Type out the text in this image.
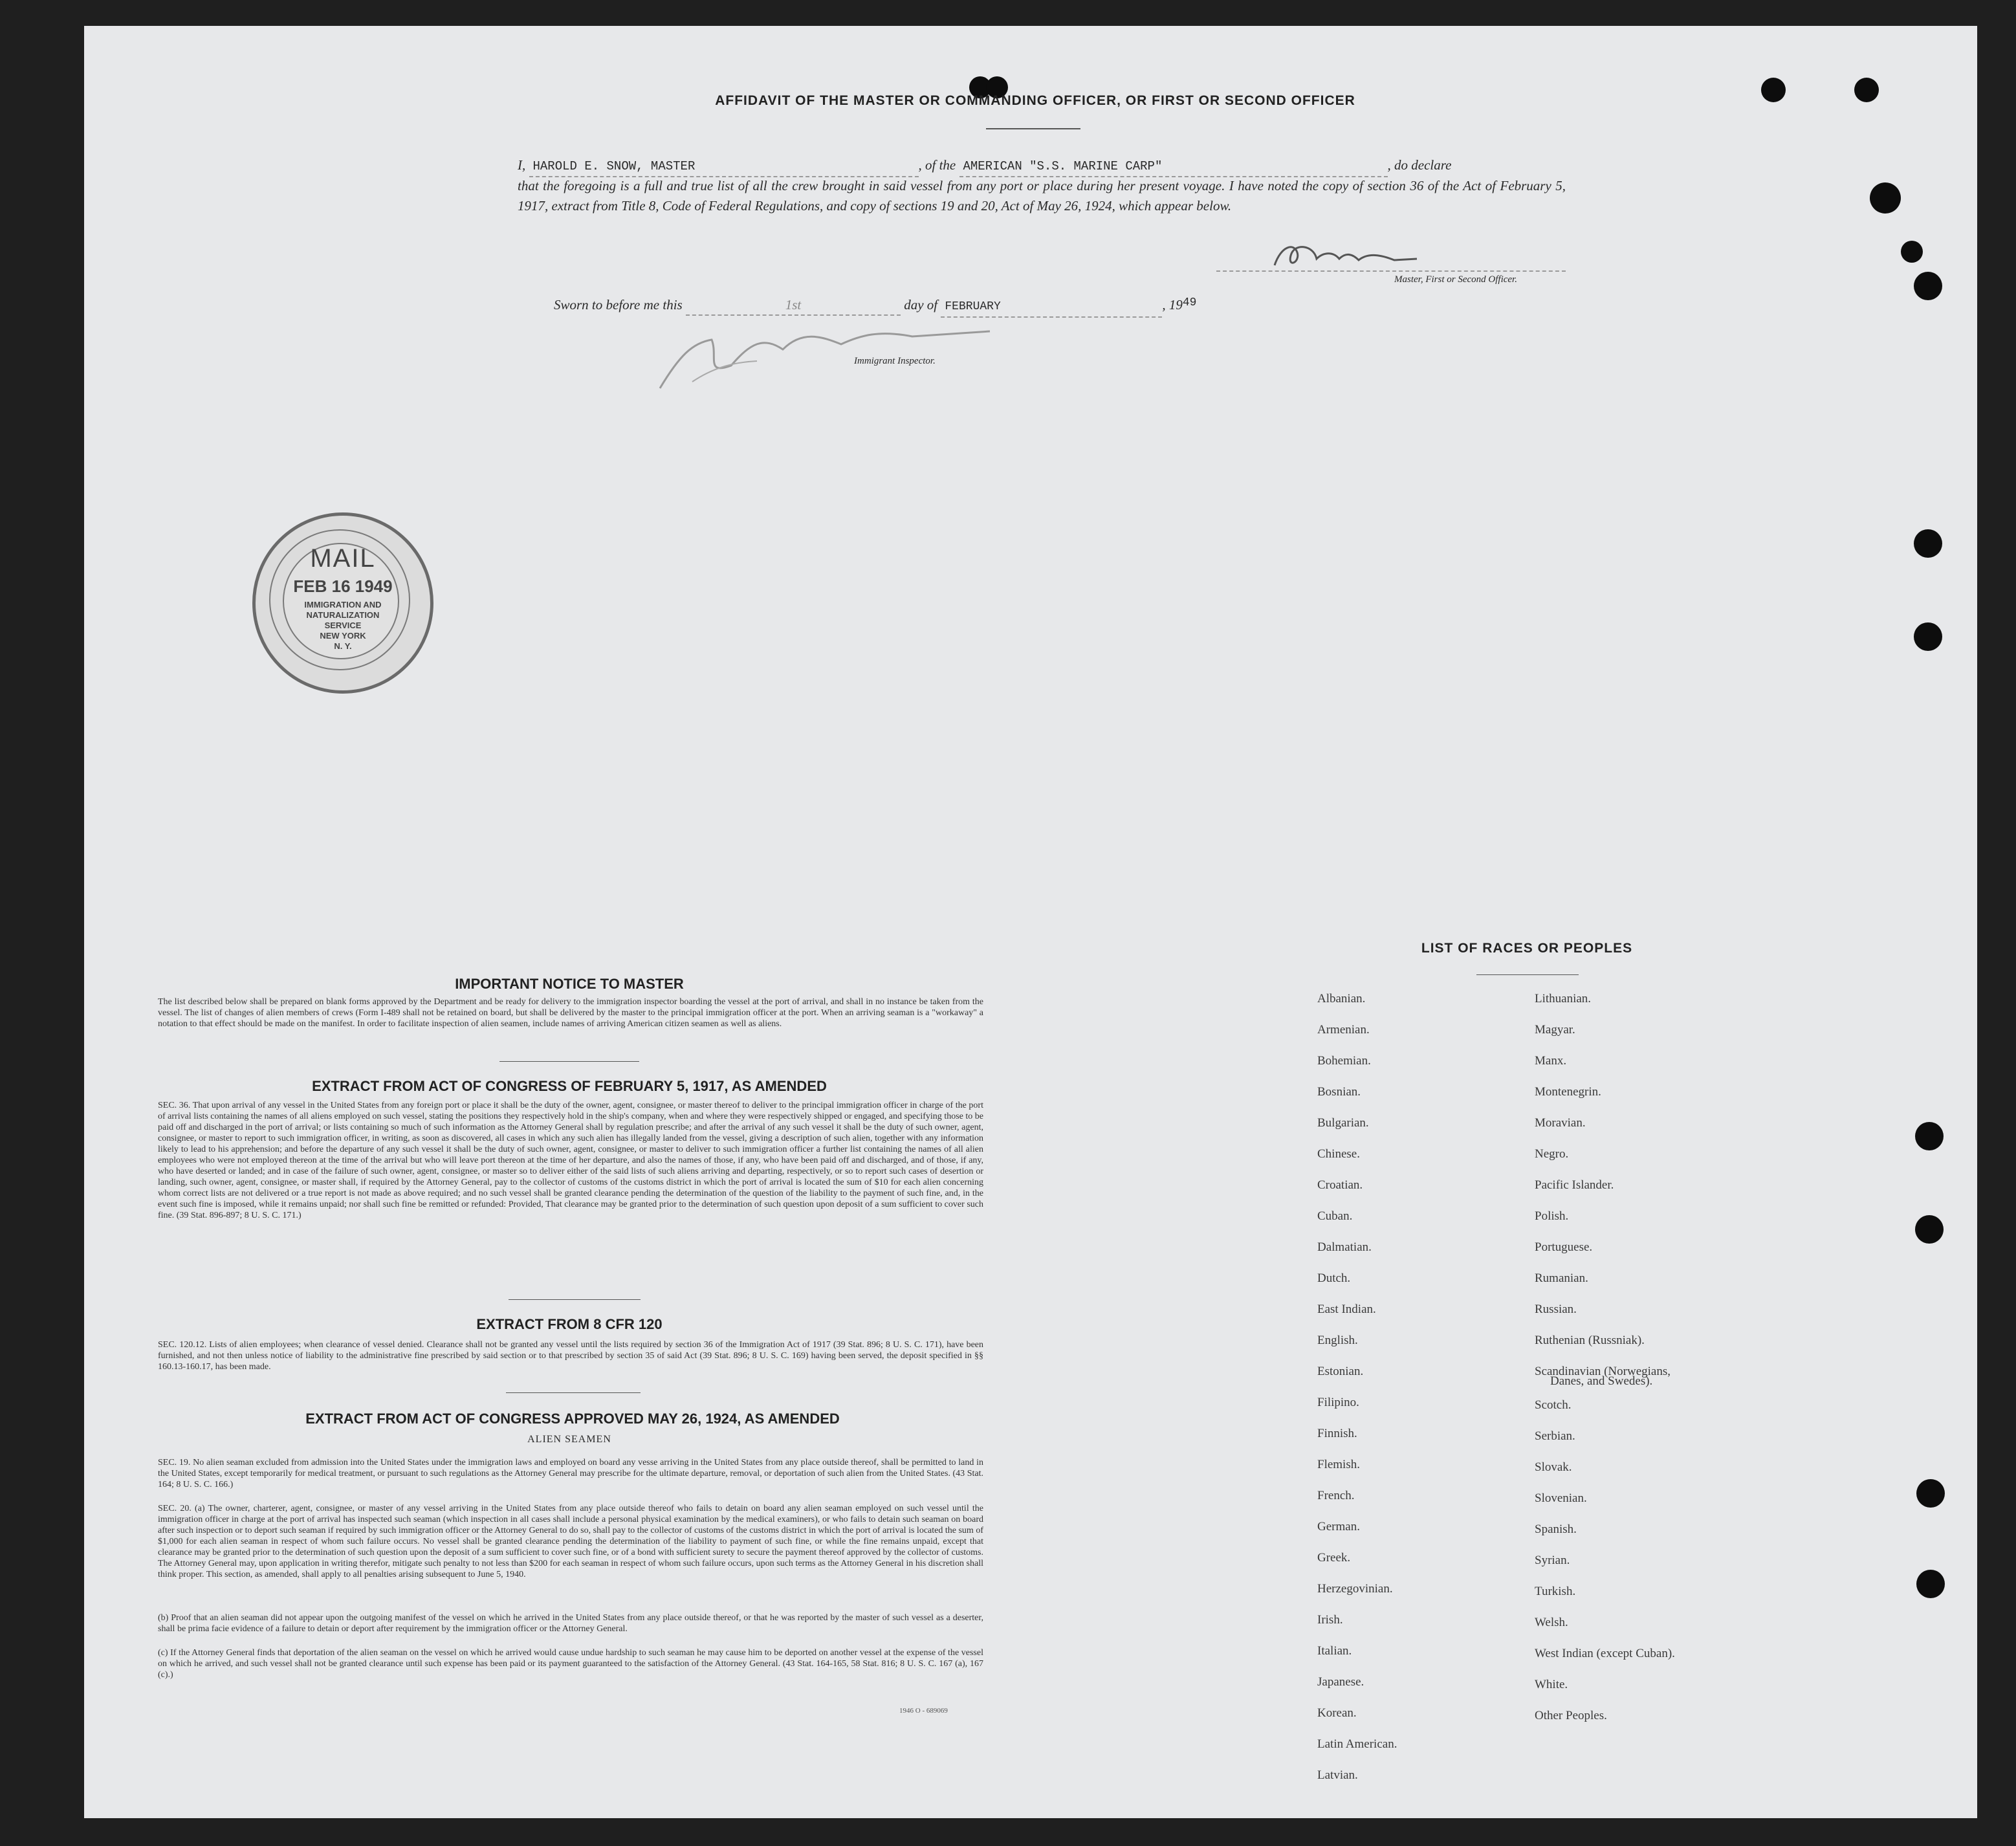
AFFIDAVIT OF THE MASTER OR COMMANDING OFFICER, OR FIRST OR SECOND OFFICER
I, HAROLD E. SNOW, MASTER	, of the AMERICAN "S.S. MARINE CARP"	, do declare
that the foregoing is a full and true list of all the crew brought in said vessel from any port or place during her present voyage. I have noted the copy of section 36 of the Act of February 5, 1917, extract from Title 8, Code of Federal Regulations, and copy of sections 19 and 20, Act of May 26, 1924, which appear below.
Master, First or Second Officer.
Sworn to before me this	1st	day of FEBRUARY	, 1949
Immigrant Inspector.
MAIL
FEB 16 1949
IMMIGRATION AND
NATURALIZATION
SERVICE
NEW YORK
N. Y.
IMPORTANT NOTICE TO MASTER
The list described below shall be prepared on blank forms approved by the Department and be ready for delivery to the immigration inspector boarding the vessel at the port of arrival, and shall in no instance be taken from the vessel. The list of changes of alien members of crews (Form I-489 shall not be retained on board, but shall be delivered by the master to the principal immigration officer at the port. When an arriving seaman is a "workaway" a notation to that effect should be made on the manifest. In order to facilitate inspection of alien seamen, include names of arriving American citizen seamen as well as aliens.
EXTRACT FROM ACT OF CONGRESS OF FEBRUARY 5, 1917, AS AMENDED
SEC. 36. That upon arrival of any vessel in the United States from any foreign port or place it shall be the duty of the owner, agent, consignee, or master thereof to deliver to the principal immigration officer in charge of the port of arrival lists containing the names of all aliens employed on such vessel, stating the positions they respectively hold in the ship's company, when and where they were respectively shipped or engaged, and specifying those to be paid off and discharged in the port of arrival; or lists containing so much of such information as the Attorney General shall by regulation prescribe; and after the arrival of any such vessel it shall be the duty of such owner, agent, consignee, or master to report to such immigration officer, in writing, as soon as discovered, all cases in which any such alien has illegally landed from the vessel, giving a description of such alien, together with any information likely to lead to his apprehension; and before the departure of any such vessel it shall be the duty of such owner, agent, consignee, or master to deliver to such immigration officer a further list containing the names of all alien employees who were not employed thereon at the time of the arrival but who will leave port thereon at the time of her departure, and also the names of those, if any, who have been paid off and discharged, and of those, if any, who have deserted or landed; and in case of the failure of such owner, agent, consignee, or master so to deliver either of the said lists of such aliens arriving and departing, respectively, or so to report such cases of desertion or landing, such owner, agent, consignee, or master shall, if required by the Attorney General, pay to the collector of customs of the customs district in which the port of arrival is located the sum of $10 for each alien concerning whom correct lists are not delivered or a true report is not made as above required; and no such vessel shall be granted clearance pending the determination of the question of the liability to the payment of such fine, and, in the event such fine is imposed, while it remains unpaid; nor shall such fine be remitted or refunded: Provided, That clearance may be granted prior to the determination of such question upon deposit of a sum sufficient to cover such fine. (39 Stat. 896-897; 8 U. S. C. 171.)
EXTRACT FROM 8 CFR 120
SEC. 120.12. Lists of alien employees; when clearance of vessel denied. Clearance shall not be granted any vessel until the lists required by section 36 of the Immigration Act of 1917 (39 Stat. 896; 8 U. S. C. 171), have been furnished, and not then unless notice of liability to the administrative fine prescribed by said section or to that prescribed by section 35 of said Act (39 Stat. 896; 8 U. S. C. 169) having been served, the deposit specified in §§ 160.13-160.17, has been made.
EXTRACT FROM ACT OF CONGRESS APPROVED MAY 26, 1924, AS AMENDED
ALIEN SEAMEN
SEC. 19. No alien seaman excluded from admission into the United States under the immigration laws and employed on board any vesse arriving in the United States from any place outside thereof, shall be permitted to land in the United States, except temporarily for medical treatment, or pursuant to such regulations as the Attorney General may prescribe for the ultimate departure, removal, or deportation of such alien from the United States. (43 Stat. 164; 8 U. S. C. 166.)
SEC. 20. (a) The owner, charterer, agent, consignee, or master of any vessel arriving in the United States from any place outside thereof who fails to detain on board any alien seaman employed on such vessel until the immigration officer in charge at the port of arrival has inspected such seaman (which inspection in all cases shall include a personal physical examination by the medical examiners), or who fails to detain such seaman on board after such inspection or to deport such seaman if required by such immigration officer or the Attorney General to do so, shall pay to the collector of customs of the customs district in which the port of arrival is located the sum of $1,000 for each alien seaman in respect of whom such failure occurs. No vessel shall be granted clearance pending the determination of the liability to payment of such fine, or while the fine remains unpaid, except that clearance may be granted prior to the determination of such question upon the deposit of a sum sufficient to cover such fine, or of a bond with sufficient surety to secure the payment thereof approved by the collector of customs. The Attorney General may, upon application in writing therefor, mitigate such penalty to not less than $200 for each seaman in respect of whom such failure occurs, upon such terms as the Attorney General in his discretion shall think proper. This section, as amended, shall apply to all penalties arising subsequent to June 5, 1940.
(b) Proof that an alien seaman did not appear upon the outgoing manifest of the vessel on which he arrived in the United States from any place outside thereof, or that he was reported by the master of such vessel as a deserter, shall be prima facie evidence of a failure to detain or deport after requirement by the immigration officer or the Attorney General.
(c) If the Attorney General finds that deportation of the alien seaman on the vessel on which he arrived would cause undue hardship to such seaman he may cause him to be deported on another vessel at the expense of the vessel on which he arrived, and such vessel shall not be granted clearance until such expense has been paid or its payment guaranteed to the satisfaction of the Attorney General. (43 Stat. 164-165, 58 Stat. 816; 8 U. S. C. 167 (a), 167 (c).)
1946 O - 689069
LIST OF RACES OR PEOPLES
Albanian.
Armenian.
Bohemian.
Bosnian.
Bulgarian.
Chinese.
Croatian.
Cuban.
Dalmatian.
Dutch.
East Indian.
English.
Estonian.
Filipino.
Finnish.
Flemish.
French.
German.
Greek.
Herzegovinian.
Irish.
Italian.
Japanese.
Korean.
Latin American.
Latvian.
Lithuanian.
Magyar.
Manx.
Montenegrin.
Moravian.
Negro.
Pacific Islander.
Polish.
Portuguese.
Rumanian.
Russian.
Ruthenian (Russniak).
Scandinavian (Norwegians,
Danes, and Swedes).
Scotch.
Serbian.
Slovak.
Slovenian.
Spanish.
Syrian.
Turkish.
Welsh.
West Indian (except Cuban).
White.
Other Peoples.
